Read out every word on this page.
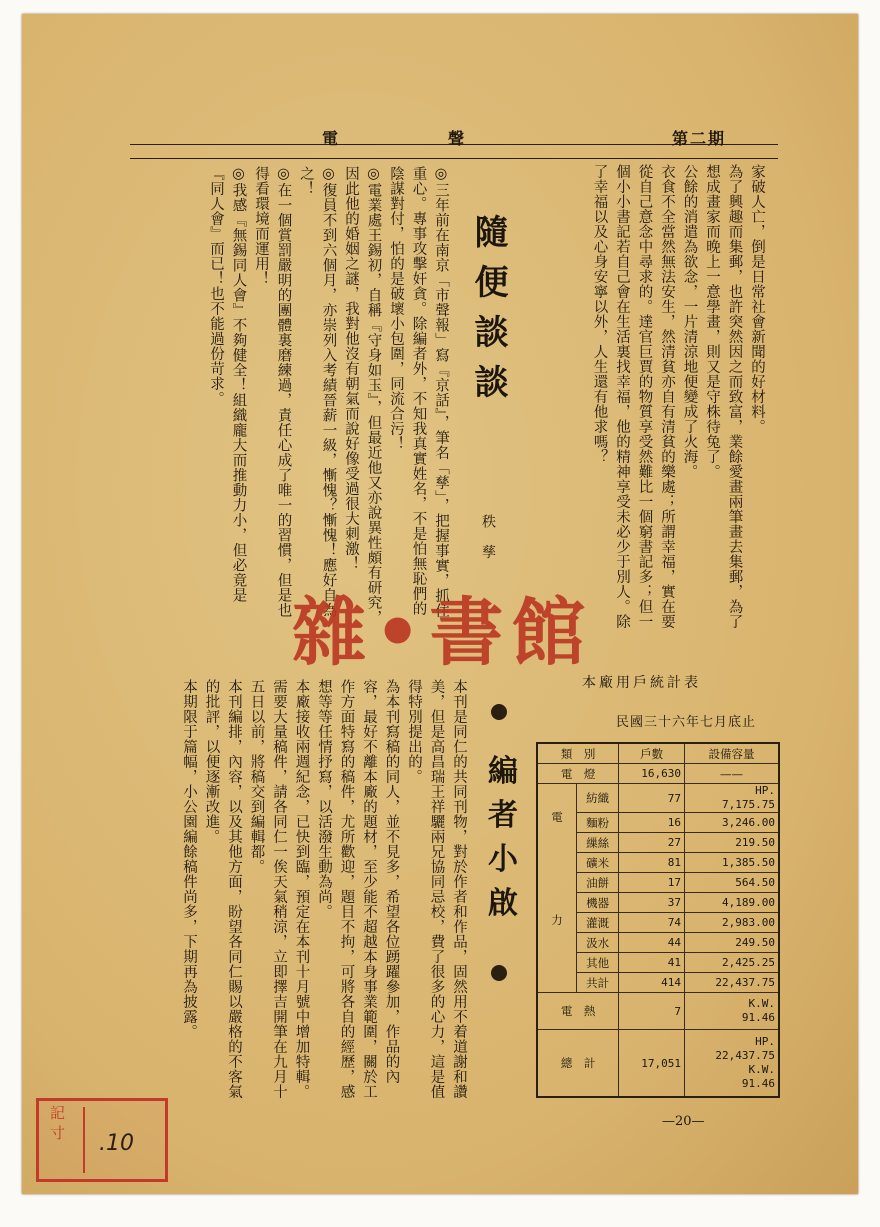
第二期
電聲

家破人亡，倒是日常社會新聞的好材料。

為了興趣而集郵，也許突然因之而致富，業餘愛畫兩筆畫去集郵，為了想成畫家而晚上一意學畫，則又是守株待兔了。

公餘的消遣為欲念，一片清涼地便變成了火海。

衣食不全當然無法安生，然清貧亦自有清貧的樂處；所謂幸福，實在要從自己意念中尋求的。達官巨賈的物質享受然難比一個窮書記多；但一個小小書記若自己會在生活裏找幸福，他的精神享受未必少于別人。除了幸福以及心身安寧以外，人生還有他求嗎？

隨便談談
秩 孳

◎三年前在南京「市聲報」寫『京話』，筆名「孳」，把握事實，抓住重心。專事攻擊奸貪。除編者外，不知我真實姓名，不是怕無恥們的陰謀對付，怕的是破壞小包圍，同流合污！

◎電業處王錫初，自稱『守身如玉』，但最近他又亦說異性頗有研究，因此他的婚姻之謎，我對他沒有朝氣而說好像受過很大刺激！

◎復員不到六個月，亦崇列入考績晉薪一級，慚愧？慚愧！應好自為之！

◎在一個賞罰嚴明的團體裏磨練過，責任心成了唯一的習慣，但是也得看環境而運用！

◎我感『無錫同人會』不夠健全！組織龐大而推動力小，但必竟是『同人會』而已！也不能過份苛求。

編者小啟

本刊是同仁的共同刊物，對於作者和作品，固然用不着道謝和讚美，但是高昌瑞王祥驪兩兄協同忌校，費了很多的心力，這是值得特別提出的。

為本刊寫稿的同人，並不見多，希望各位踴躍參加，作品的內容，最好不離本廠的題材，至少能不超越本身事業範圍，關於工作方面特寫的稿件，尤所歡迎，題目不拘，可將各自的經歷，感想等等任情抒寫，以活潑生動為尚。

本廠接收兩週紀念，已快到臨，預定在本刊十月號中增加特輯。需要大量稿件，請各同仁一俟天氣稍涼，立即擇吉開筆在九月十五日以前，將稿交到編輯都。

本刊編排，內容，以及其他方面，盼望各同仁賜以嚴格的不客氣的批評，以便逐漸改進。

本期限于篇幅，小公園編餘稿件尚多，下期再為披露。	本廠用戶統計表
民國三十六年七月底止
類　別		戶數	設備容量
電　燈		16,630	——
電　力	紡織	77	HP.
7,175.75
	麵粉	16	3,246.00
	繅絲	27	219.50
	礦米	81	1,385.50
	油餅	17	564.50
	機器	37	4,189.00
	灌溉	74	2,983.00
	汲水	44	249.50
	其他	41	2,425.25
	共計	414	22,437.75
電　熱		7	K.W.
91.46
總　計		17,051	HP.
22,437.75
K.W.
91.46
雜•書館
—20—
記 寸
.10
